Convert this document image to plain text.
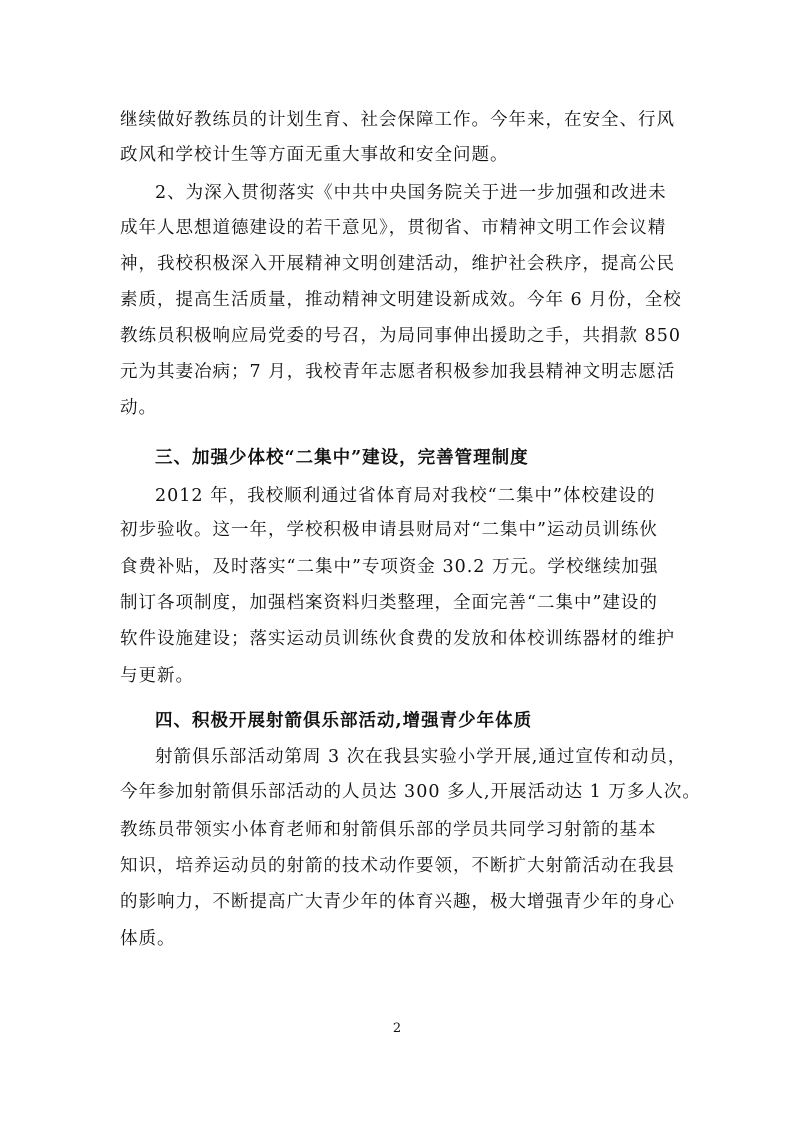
继续做好教练员的计划生育、社会保障工作。今年来，在安全、行风
政风和学校计生等方面无重大事故和安全问题。
2、为深入贯彻落实《中共中央国务院关于进一步加强和改进未
成年人思想道德建设的若干意见》，贯彻省、市精神文明工作会议精
神，我校积极深入开展精神文明创建活动，维护社会秩序，提高公民
素质，提高生活质量，推动精神文明建设新成效。今年 6 月份，全校
教练员积极响应局党委的号召，为局同事伸出援助之手，共捐款 850
元为其妻冶病；7 月，我校青年志愿者积极参加我县精神文明志愿活
动。
三、加强少体校“二集中”建设，完善管理制度
2012 年，我校顺利通过省体育局对我校“二集中”体校建设的
初步验收。这一年，学校积极申请县财局对“二集中”运动员训练伙
食费补贴，及时落实“二集中”专项资金 30.2 万元。学校继续加强
制订各项制度，加强档案资料归类整理，全面完善“二集中”建设的
软件设施建设；落实运动员训练伙食费的发放和体校训练器材的维护
与更新。
四、积极开展射箭俱乐部活动,增强青少年体质
射箭俱乐部活动第周 3 次在我县实验小学开展,通过宣传和动员，
今年参加射箭俱乐部活动的人员达 300 多人,开展活动达 1 万多人次。
教练员带领实小体育老师和射箭俱乐部的学员共同学习射箭的基本
知识，培养运动员的射箭的技术动作要领，不断扩大射箭活动在我县
的影响力，不断提高广大青少年的体育兴趣，极大增强青少年的身心
体质。
2
